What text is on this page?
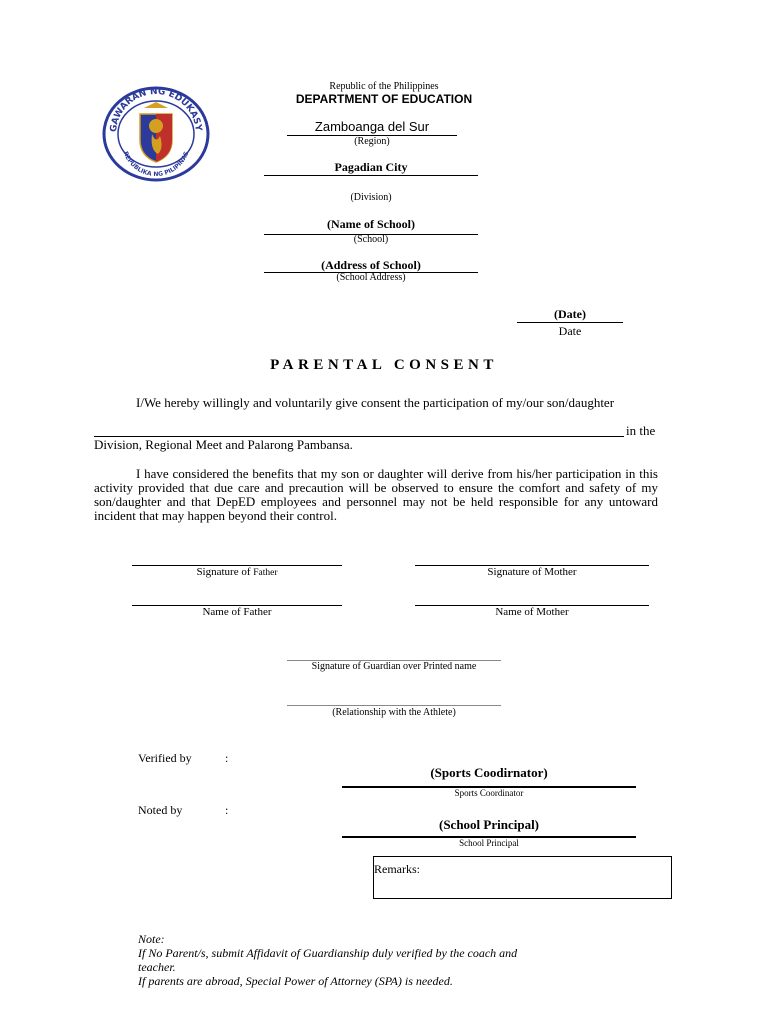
GAWARAN NG EDUKASY
REPUBLIKA NG PILIPINAS
Republic of the Philippines
DEPARTMENT OF EDUCATION
Zamboanga del Sur
(Region)
Pagadian City
(Division)
(Name of School)
(School)
(Address of School)
(School Address)
(Date)
Date
PARENTAL CONSENT
I/We hereby willingly and voluntarily give consent the participation of my/our son/daughter
in the
Division, Regional Meet and Palarong Pambansa.
I have considered the benefits that my son or daughter will derive from his/her participation in this activity provided that due care and precaution will be observed to ensure the comfort and safety of my son/daughter and that DepED employees and personnel may not be held responsible for any untoward incident that may happen beyond their control.
Signature of Father	Signature of Mother
Name of Father	Name of Mother
Signature of Guardian over Printed name
(Relationship with the Athlete)
Verified by	:
(Sports Coodirnator)
Sports Coordinator
Noted by	:
(School Principal)
School Principal
Remarks:
Note:
If No Parent/s, submit Affidavit of Guardianship duly verified by the coach and
teacher.
If parents are abroad, Special Power of Attorney (SPA) is needed.
